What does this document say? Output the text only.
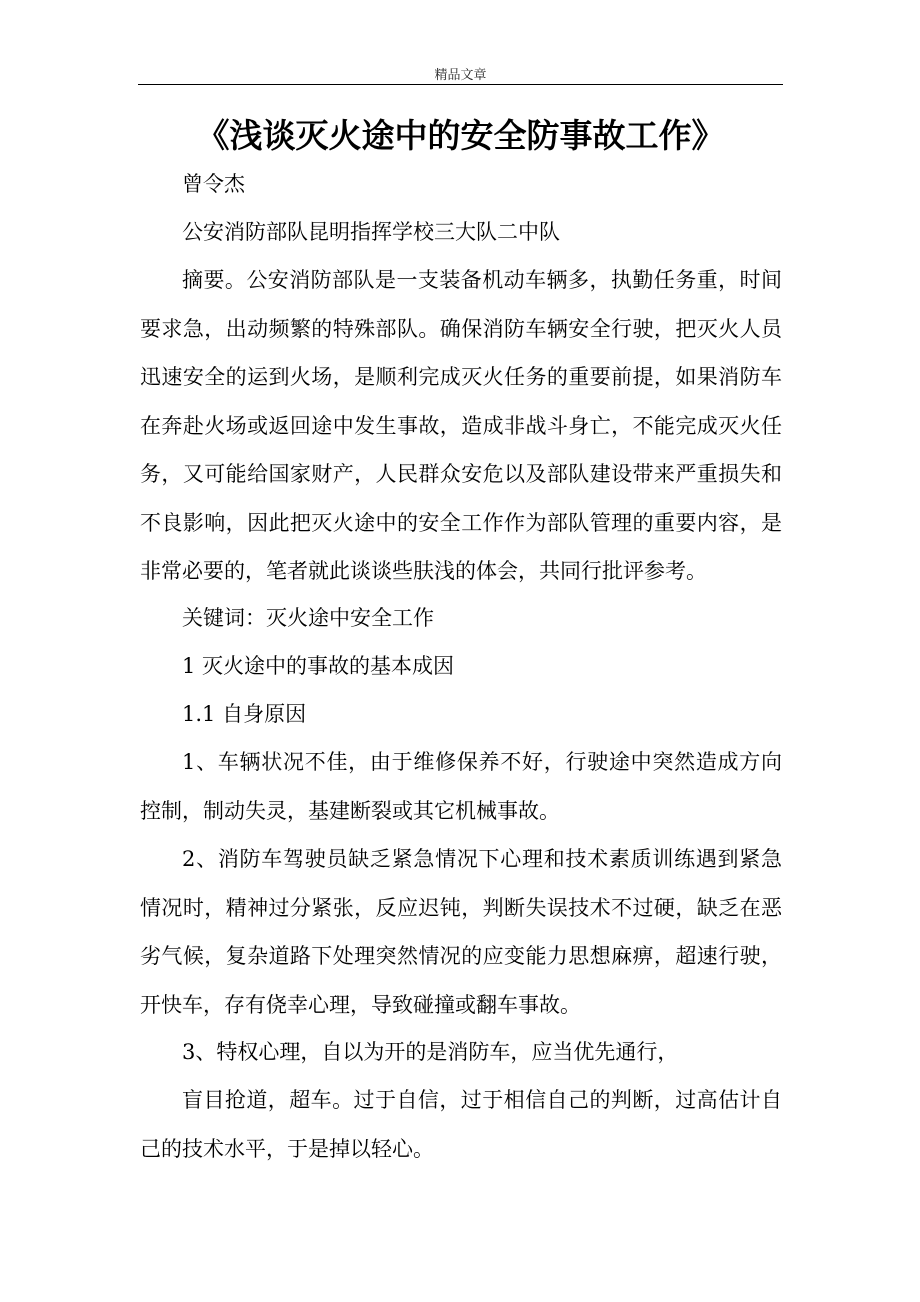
精品文章
《浅谈灭火途中的安全防事故工作》

曾令杰

公安消防部队昆明指挥学校三大队二中队

摘要。公安消防部队是一支装备机动车辆多，执勤任务重，时间要求急，出动频繁的特殊部队。确保消防车辆安全行驶，把灭火人员迅速安全的运到火场，是顺利完成灭火任务的重要前提，如果消防车在奔赴火场或返回途中发生事故，造成非战斗身亡，不能完成灭火任务，又可能给国家财产，人民群众安危以及部队建设带来严重损失和不良影响，因此把灭火途中的安全工作作为部队管理的重要内容，是非常必要的，笔者就此谈谈些肤浅的体会，共同行批评参考。

关键词：灭火途中安全工作

1 灭火途中的事故的基本成因

1.1 自身原因

1、车辆状况不佳，由于维修保养不好，行驶途中突然造成方向控制，制动失灵，基建断裂或其它机械事故。

2、消防车驾驶员缺乏紧急情况下心理和技术素质训练遇到紧急情况时，精神过分紧张，反应迟钝，判断失误技术不过硬，缺乏在恶劣气候，复杂道路下处理突然情况的应变能力思想麻痹，超速行驶，开快车，存有侥幸心理，导致碰撞或翻车事故。

3、特权心理，自以为开的是消防车，应当优先通行，

盲目抢道，超车。过于自信，过于相信自己的判断，过高估计自己的技术水平，于是掉以轻心。
